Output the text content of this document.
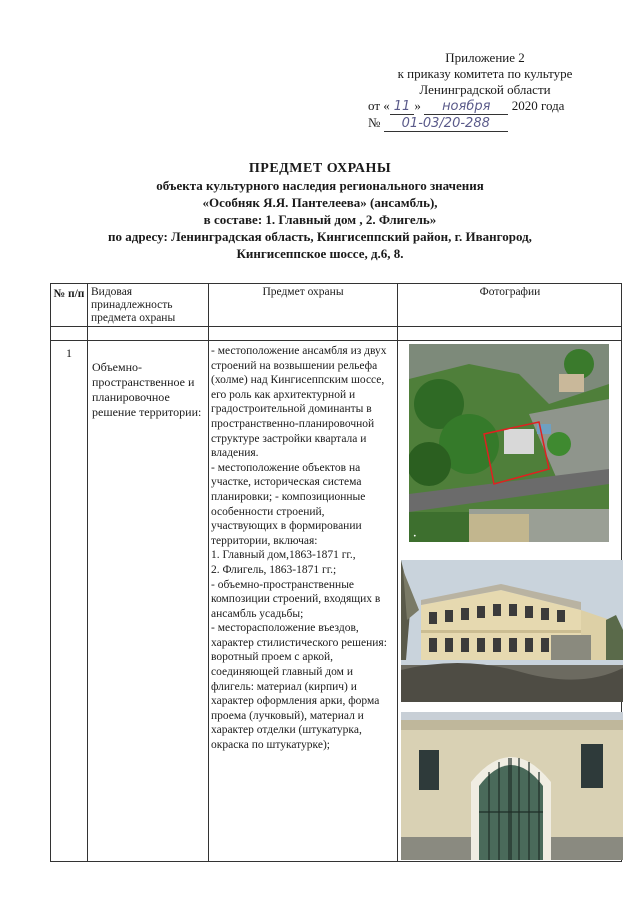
Приложение 2
к приказу комитета по культуре
Ленинградской области
от « 11 » ноября 2020 года
№ 01-03/20-288
ПРЕДМЕТ ОХРАНЫ
объекта культурного наследия регионального значения
«Особняк Я.Я. Пантелеева» (ансамбль),
в составе: 1. Главный дом , 2. Флигель»
по адресу: Ленинградская область, Кингисеппский район, г. Ивангород,
Кингисеппское шоссе, д.6, 8.
№ п/п Видовая принадлежность предмета охраны
Предмет охраны	Фотографии
1
Объемно-пространственное и планировочное решение территории:
- местоположение ансамбля из двух строений на возвышении рельефа (холме) над Кингисеппским шоссе, его роль как архитектурной и градостроительной доминанты в пространственно-планировочной структуре застройки квартала и владения.
- местоположение объектов на участке, историческая система планировки; - композиционные особенности строений, участвующих в формировании территории, включая:
1. Главный дом,1863-1871 гг.,
2. Флигель, 1863-1871 гг.;
- объемно-пространственные композиции строений, входящих в ансамбль усадьбы;
- месторасположение въездов, характер стилистического решения: воротный проем с аркой, соединяющей главный дом и флигель: материал (кирпич) и характер оформления арки, форма проема (лучковый), материал и характер отделки (штукатурка, окраска по штукатурке);
•
